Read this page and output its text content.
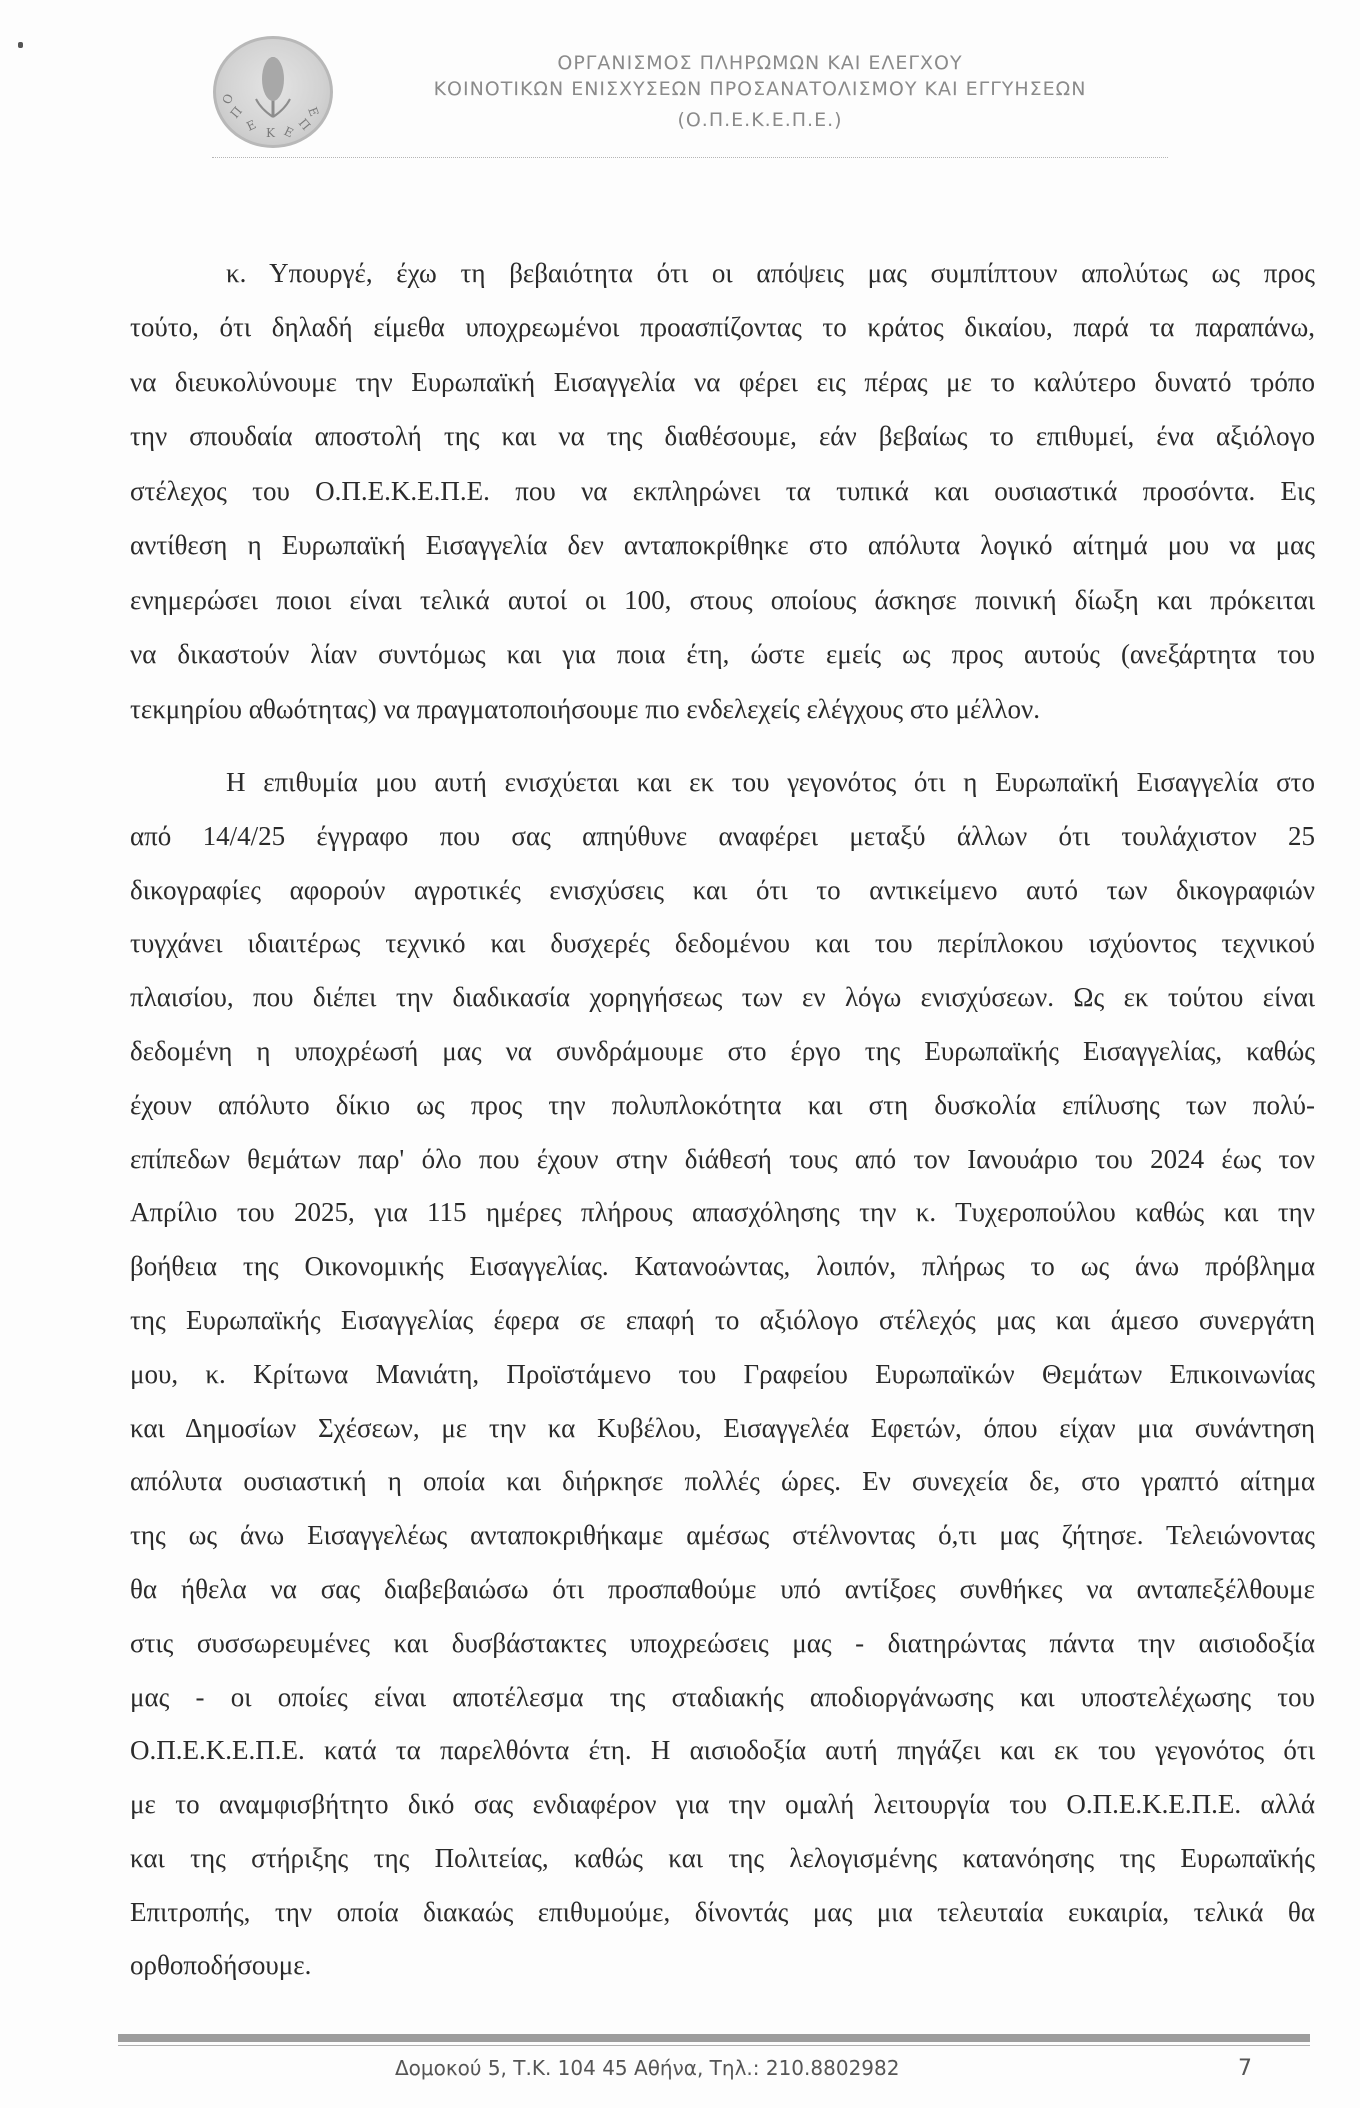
Ο
Π
Ε Κ Ε Π
Ε
ΟΡΓΑΝΙΣΜΟΣ ΠΛΗΡΩΜΩΝ ΚΑΙ ΕΛΕΓΧΟΥ
ΚΟΙΝΟΤΙΚΩΝ ΕΝΙΣΧΥΣΕΩΝ ΠΡΟΣΑΝΑΤΟΛΙΣΜΟΥ ΚΑΙ ΕΓΓΥΗΣΕΩΝ
(Ο.Π.Ε.Κ.Ε.Π.Ε.)
κ. Υπουργέ, έχω τη βεβαιότητα ότι οι απόψεις μας συμπίπτουν απολύτως ως προς
τούτο, ότι δηλαδή είμεθα υποχρεωμένοι προασπίζοντας το κράτος δικαίου, παρά τα παραπάνω,
να διευκολύνουμε την Ευρωπαϊκή Εισαγγελία να φέρει εις πέρας με το καλύτερο δυνατό τρόπο
την σπουδαία αποστολή της και να της διαθέσουμε, εάν βεβαίως το επιθυμεί, ένα αξιόλογο
στέλεχος του Ο.Π.Ε.Κ.Ε.Π.Ε. που να εκπληρώνει τα τυπικά και ουσιαστικά προσόντα. Εις
αντίθεση η Ευρωπαϊκή Εισαγγελία δεν ανταποκρίθηκε στο απόλυτα λογικό αίτημά μου να μας
ενημερώσει ποιοι είναι τελικά αυτοί οι 100, στους οποίους άσκησε ποινική δίωξη και πρόκειται
να δικαστούν λίαν συντόμως και για ποια έτη, ώστε εμείς ως προς αυτούς (ανεξάρτητα του
τεκμηρίου αθωότητας) να πραγματοποιήσουμε πιο ενδελεχείς ελέγχους στο μέλλον.
Η επιθυμία μου αυτή ενισχύεται και εκ του γεγονότος ότι η Ευρωπαϊκή Εισαγγελία στο
από 14/4/25 έγγραφο που σας απηύθυνε αναφέρει μεταξύ άλλων ότι τουλάχιστον 25
δικογραφίες αφορούν αγροτικές ενισχύσεις και ότι το αντικείμενο αυτό των δικογραφιών
τυγχάνει ιδιαιτέρως τεχνικό και δυσχερές δεδομένου και του περίπλοκου ισχύοντος τεχνικού
πλαισίου, που διέπει την διαδικασία χορηγήσεως των εν λόγω ενισχύσεων. Ως εκ τούτου είναι
δεδομένη η υποχρέωσή μας να συνδράμουμε στο έργο της Ευρωπαϊκής Εισαγγελίας, καθώς
έχουν απόλυτο δίκιο ως προς την πολυπλοκότητα και στη δυσκολία επίλυσης των πολύ-
επίπεδων θεμάτων παρ' όλο που έχουν στην διάθεσή τους από τον Ιανουάριο του 2024 έως τον
Απρίλιο του 2025, για 115 ημέρες πλήρους απασχόλησης την κ. Τυχεροπούλου καθώς και την
βοήθεια της Οικονομικής Εισαγγελίας. Κατανοώντας, λοιπόν, πλήρως το ως άνω πρόβλημα
της Ευρωπαϊκής Εισαγγελίας έφερα σε επαφή το αξιόλογο στέλεχός μας και άμεσο συνεργάτη
μου, κ. Κρίτωνα Μανιάτη, Προϊστάμενο του Γραφείου Ευρωπαϊκών Θεμάτων Επικοινωνίας
και Δημοσίων Σχέσεων, με την κα Κυβέλου, Εισαγγελέα Εφετών, όπου είχαν μια συνάντηση
απόλυτα ουσιαστική η οποία και διήρκησε πολλές ώρες. Εν συνεχεία δε, στο γραπτό αίτημα
της ως άνω Εισαγγελέως ανταποκριθήκαμε αμέσως στέλνοντας ό,τι μας ζήτησε. Τελειώνοντας
θα ήθελα να σας διαβεβαιώσω ότι προσπαθούμε υπό αντίξοες συνθήκες να ανταπεξέλθουμε
στις συσσωρευμένες και δυσβάστακτες υποχρεώσεις μας - διατηρώντας πάντα την αισιοδοξία
μας - οι οποίες είναι αποτέλεσμα της σταδιακής αποδιοργάνωσης και υποστελέχωσης του
Ο.Π.Ε.Κ.Ε.Π.Ε. κατά τα παρελθόντα έτη. Η αισιοδοξία αυτή πηγάζει και εκ του γεγονότος ότι
με το αναμφισβήτητο δικό σας ενδιαφέρον για την ομαλή λειτουργία του Ο.Π.Ε.Κ.Ε.Π.Ε. αλλά
και της στήριξης της Πολιτείας, καθώς και της λελογισμένης κατανόησης της Ευρωπαϊκής
Επιτροπής, την οποία διακαώς επιθυμούμε, δίνοντάς μας μια τελευταία ευκαιρία, τελικά θα
ορθοποδήσουμε.
Δομοκού 5, Τ.Κ. 104 45 Αθήνα, Τηλ.: 210.8802982	7
